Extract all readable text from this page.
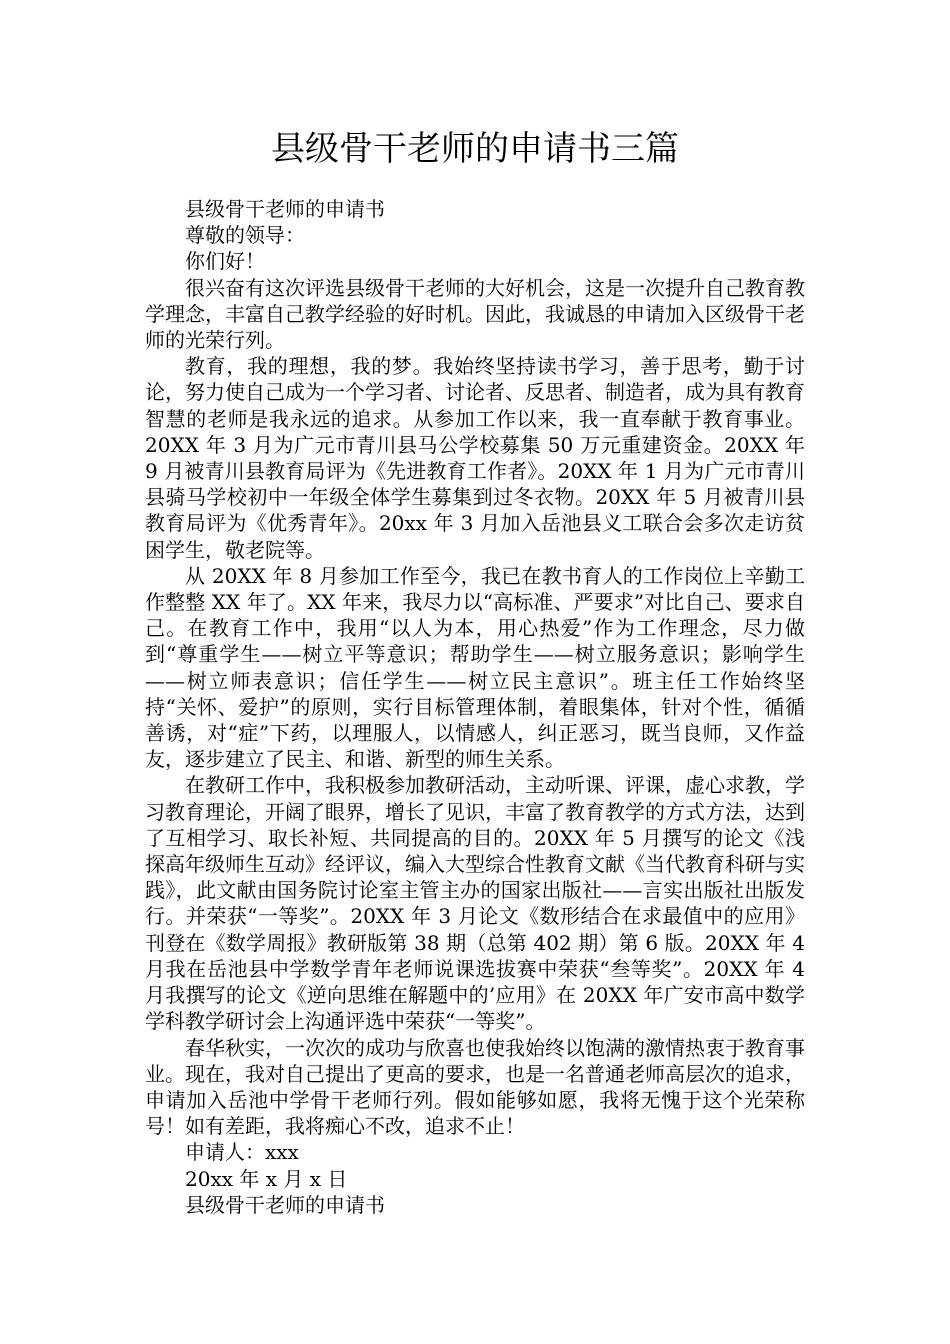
县级骨干老师的申请书三篇

县级骨干老师的申请书

尊敬的领导：

你们好！

很兴奋有这次评选县级骨干老师的大好机会，这是一次提升自己教育教学理念，丰富自己教学经验的好时机。因此，我诚恳的申请加入区级骨干老师的光荣行列。

教育，我的理想，我的梦。我始终坚持读书学习，善于思考，勤于讨论，努力使自己成为一个学习者、讨论者、反思者、制造者，成为具有教育智慧的老师是我永远的追求。从参加工作以来，我一直奉献于教育事业。20XX 年 3 月为广元市青川县马公学校募集 50 万元重建资金。20XX 年 9 月被青川县教育局评为《先进教育工作者》。20XX 年 1 月为广元市青川县骑马学校初中一年级全体学生募集到过冬衣物。20XX 年 5 月被青川县教育局评为《优秀青年》。20xx 年 3 月加入岳池县义工联合会多次走访贫困学生，敬老院等。

从 20XX 年 8 月参加工作至今，我已在教书育人的工作岗位上辛勤工作整整 XX 年了。XX 年来，我尽力以“高标准、严要求”对比自己、要求自己。在教育工作中，我用“以人为本，用心热爱”作为工作理念，尽力做到“尊重学生——树立平等意识；帮助学生——树立服务意识；影响学生——树立师表意识；信任学生——树立民主意识”。班主任工作始终坚持“关怀、爱护”的原则，实行目标管理体制，着眼集体，针对个性，循循善诱，对“症”下药，以理服人，以情感人，纠正恶习，既当良师，又作益友，逐步建立了民主、和谐、新型的师生关系。

在教研工作中，我积极参加教研活动，主动听课、评课，虚心求教，学习教育理论，开阔了眼界，增长了见识，丰富了教育教学的方式方法，达到了互相学习、取长补短、共同提高的目的。20XX 年 5 月撰写的论文《浅探高年级师生互动》经评议，编入大型综合性教育文献《当代教育科研与实践》，此文献由国务院讨论室主管主办的国家出版社——言实出版社出版发行。并荣获“一等奖”。20XX 年 3 月论文《数形结合在求最值中的应用》刊登在《数学周报》教研版第 38 期（总第 402 期）第 6 版。20XX 年 4 月我在岳池县中学数学青年老师说课选拔赛中荣获“叁等奖”。20XX 年 4 月我撰写的论文《逆向思维在解题中的’应用》在 20XX 年广安市高中数学学科教学研讨会上沟通评选中荣获“一等奖”。

春华秋实，一次次的成功与欣喜也使我始终以饱满的激情热衷于教育事业。现在，我对自己提出了更高的要求，也是一名普通老师高层次的追求，申请加入岳池中学骨干老师行列。假如能够如愿，我将无愧于这个光荣称号！如有差距，我将痴心不改，追求不止！

申请人：xxx

20xx 年 x 月 x 日

县级骨干老师的申请书
